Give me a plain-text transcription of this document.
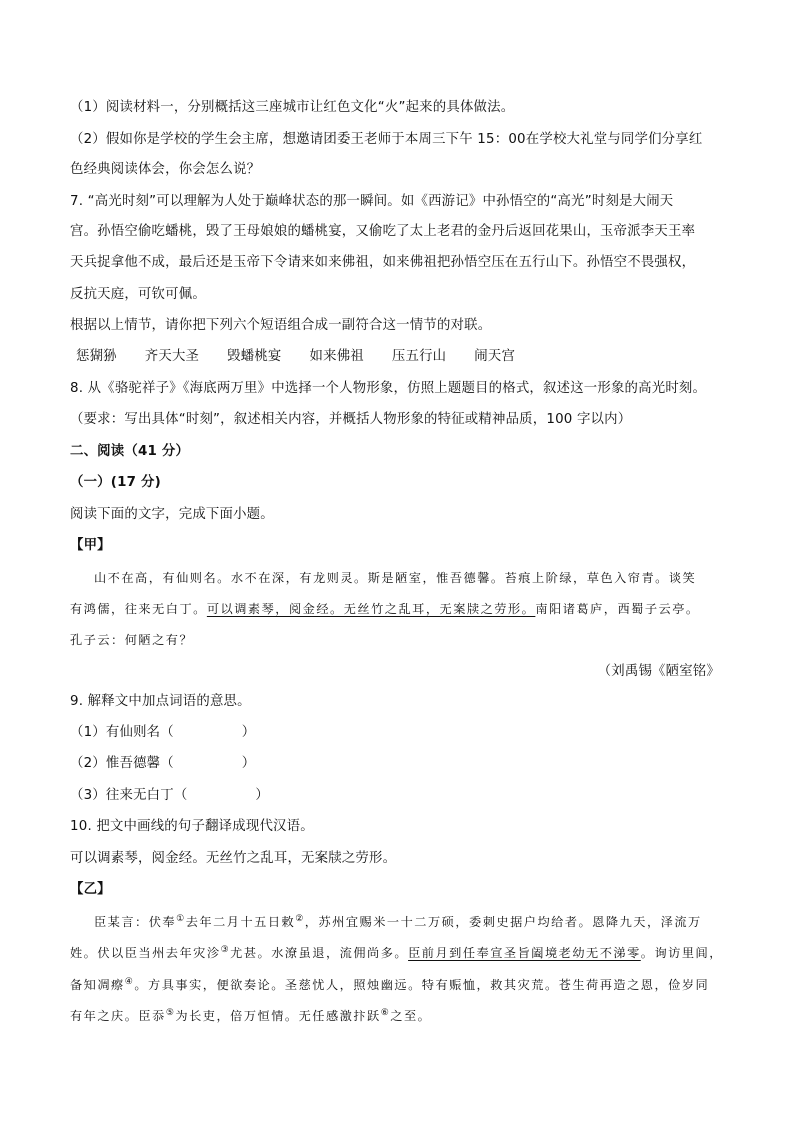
（1）阅读材料一，分别概括这三座城市让红色文化“火”起来的具体做法。
（2）假如你是学校的学生会主席，想邀请团委王老师于本周三下午 15：00在学校大礼堂与同学们分享红
色经典阅读体会，你会怎么说？
7. “高光时刻”可以理解为人处于巅峰状态的那一瞬间。如《西游记》中孙悟空的“高光”时刻是大闹天
宫。孙悟空偷吃蟠桃，毁了王母娘娘的蟠桃宴，又偷吃了太上老君的金丹后返回花果山，玉帝派李天王率
天兵捉拿他不成，最后还是玉帝下令请来如来佛祖，如来佛祖把孙悟空压在五行山下。孙悟空不畏强权，
反抗天庭，可钦可佩。
根据以上情节，请你把下列六个短语组合成一副符合这一情节的对联。
惩猢狲 齐天大圣 毁蟠桃宴 如来佛祖 压五行山 闹天宫
8. 从《骆驼祥子》《海底两万里》中选择一个人物形象，仿照上题题目的格式，叙述这一形象的高光时刻。
（要求：写出具体“时刻”，叙述相关内容，并概括人物形象的特征或精神品质，100 字以内）
二、阅读（41 分）
（一）(17 分)
阅读下面的文字，完成下面小题。
【甲】
山不在高，有仙则名。水不在深，有龙则灵。斯是陋室，惟吾德馨。苔痕上阶绿，草色入帘青。谈笑
有鸿儒，往来无白丁。可以调素琴，阅金经。无丝竹之乱耳，无案牍之劳形。南阳诸葛庐，西蜀子云亭。
孔子云：何陋之有？
（刘禹锡《陋室铭》
9. 解释文中加点词语的意思。
（1）有仙则名（　　　　　）
（2）惟吾德馨（　　　　　）
（3）往来无白丁（　　　　　）
10. 把文中画线的句子翻译成现代汉语。
可以调素琴，阅金经。无丝竹之乱耳，无案牍之劳形。
【乙】
臣某言：伏奉①去年二月十五日敕②，苏州宜赐米一十二万硕，委刺史据户均给者。恩降九天，泽流万
姓。伏以臣当州去年灾沴③尤甚。水潦虽退，流佣尚多。臣前月到任奉宣圣旨阖境老幼无不涕零。询访里闾，
备知凋瘵④。方具事实，便欲奏论。圣慈忧人，照烛幽远。特有赈恤，救其灾荒。苍生荷再造之恩，俭岁同
有年之庆。臣忝⑤为长吏，倍万恒情。无任感激抃跃⑥之至。
